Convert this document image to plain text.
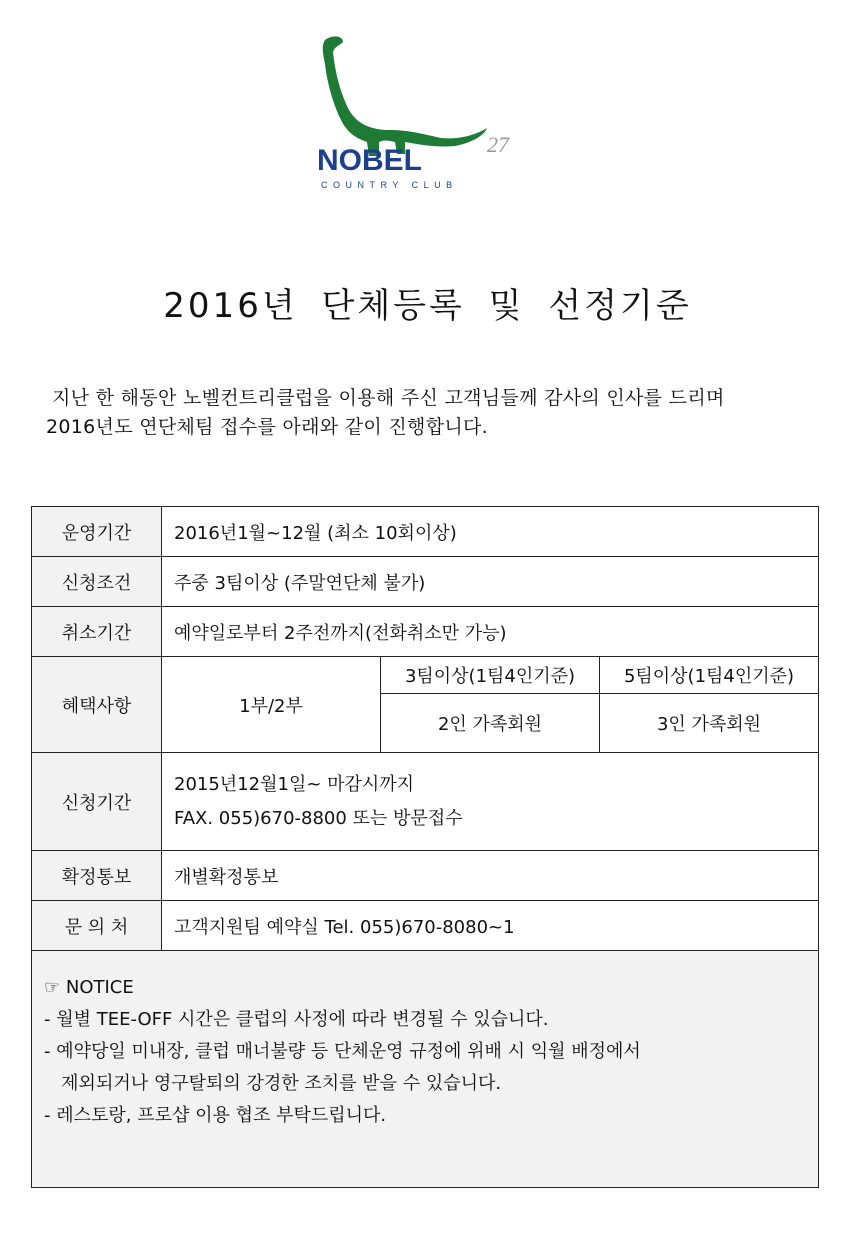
NOBEL	27
COUNTRY CLUB
2016년 단체등록 및 선정기준

지난 한 해동안 노벨컨트리클럽을 이용해 주신 고객님들께 감사의 인사를 드리며

2016년도 연단체팀 접수를 아래와 같이 진행합니다.

운영기간	2016년1월~12월 (최소 10회이상)		
신청조건	주중 3팀이상 (주말연단체 불가)		
취소기간	예약일로부터 2주전까지(전화취소만 가능)		
혜택사항	1부/2부	3팀이상(1팀4인기준)	5팀이상(1팀4인기준)
		2인 가족회원	3인 가족회원
신청기간	2015년12월1일~ 마감시까지
FAX. 055)670-8800 또는 방문접수		

확정통보	개별확정통보		
문 의 처	고객지원팀 예약실 Tel. 055)670-8080~1		

☞ NOTICE
- 월별 TEE-OFF 시간은 클럽의 사정에 따라 변경될 수 있습니다.
- 예약당일 미내장, 클럽 매너불량 등 단체운영 규정에 위배 시 익월 배정에서
제외되거나 영구탈퇴의 강경한 조치를 받을 수 있습니다.
- 레스토랑, 프로샵 이용 협조 부탁드립니다.			
